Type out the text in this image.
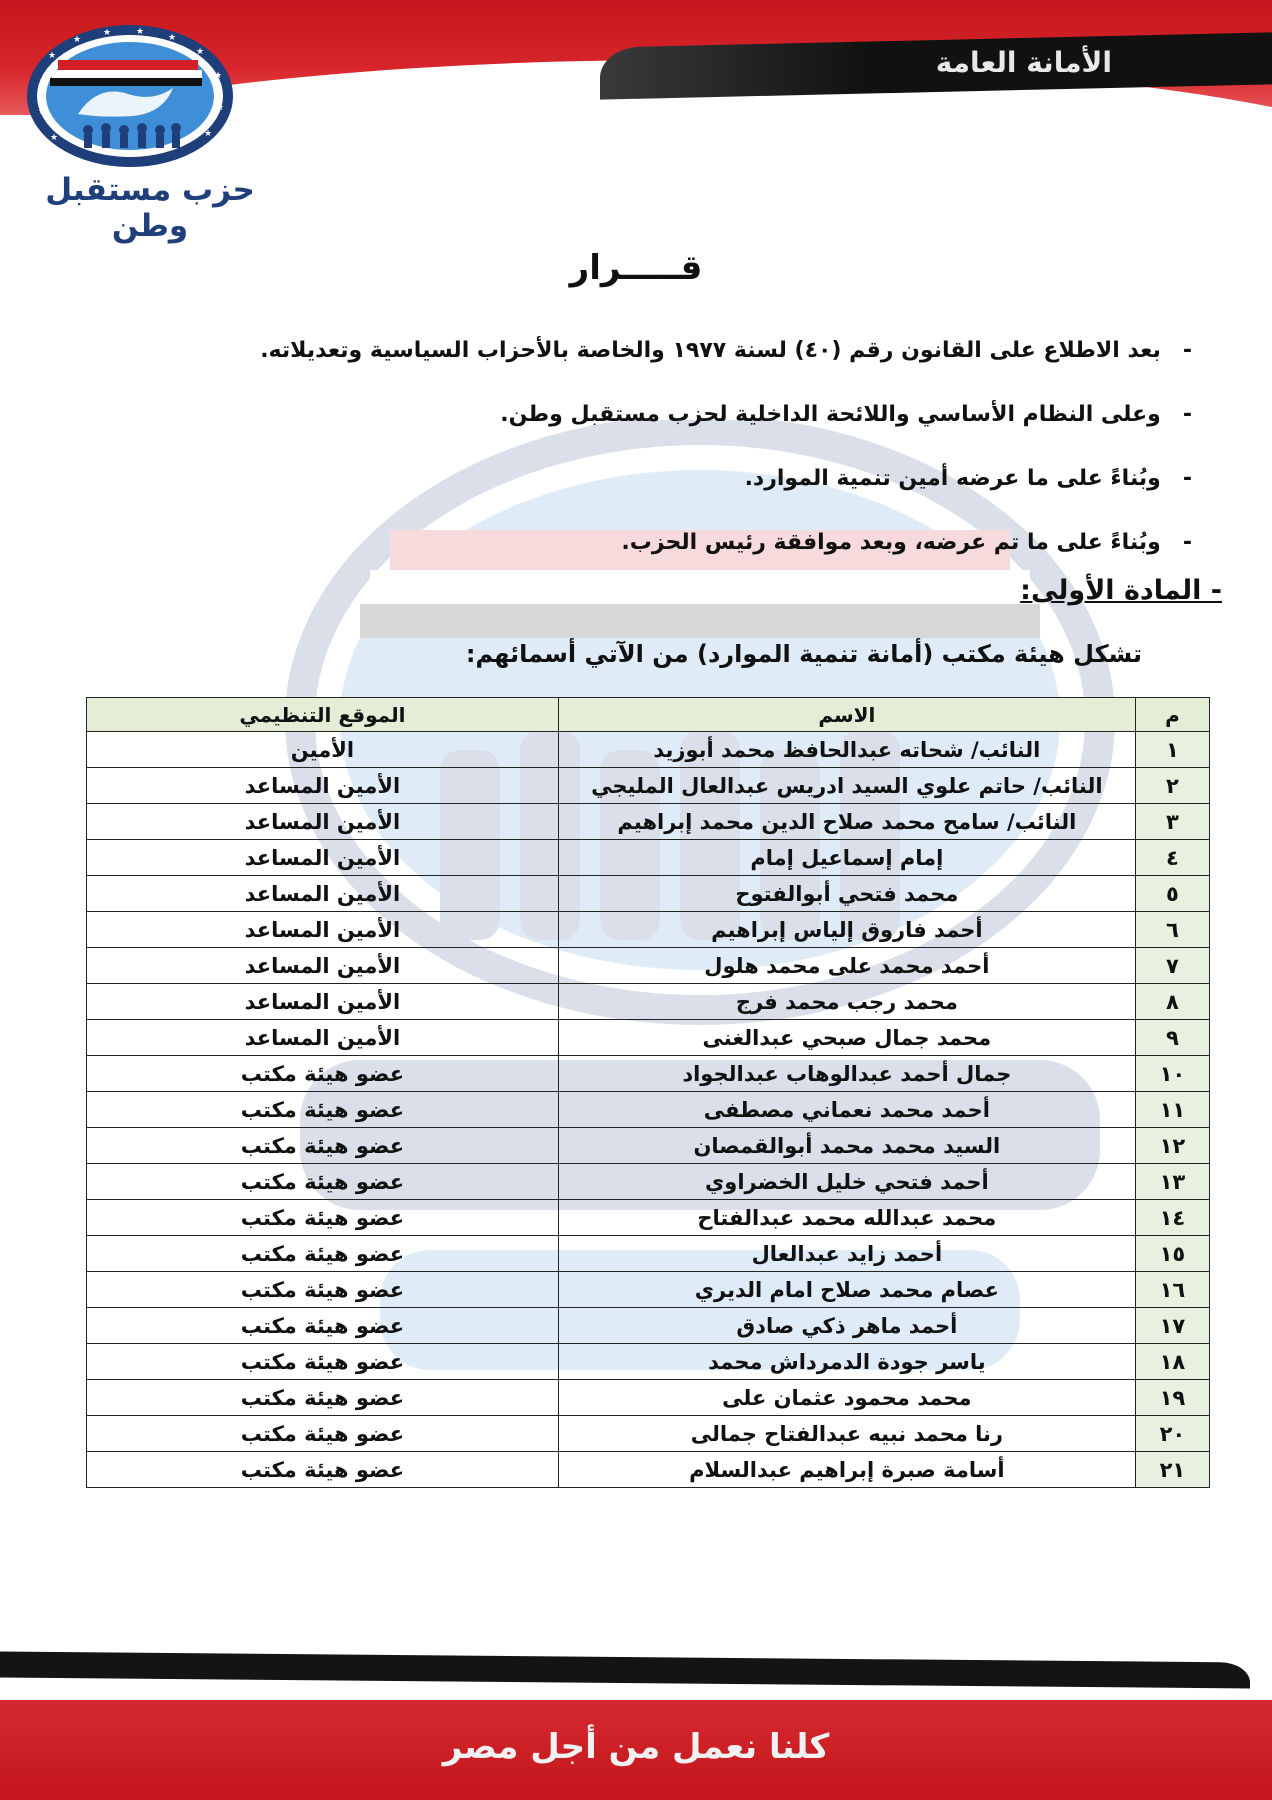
الأمانة العامة
★
★
★	★
★
★
★
★
★	★
★
★
حزب مستقبل وطن
قـــــرار
-
بعد الاطلاع على القانون رقم (٤٠) لسنة ١٩٧٧ والخاصة بالأحزاب السياسية وتعديلاته.
-
وعلى النظام الأساسي واللائحة الداخلية لحزب مستقبل وطن.
-
وبُناءً على ما عرضه أمين تنمية الموارد.
-
وبُناءً على ما تم عرضه، وبعد موافقة رئيس الحزب.
- المادة الأولى:
تشكل هيئة مكتب (أمانة تنمية الموارد) من الآتي أسمائهم:
م	الاسم	الموقع التنظيمي
١	النائب/ شحاته عبدالحافظ محمد أبوزيد	الأمين
٢	النائب/ حاتم علوي السيد ادريس عبدالعال المليجي	الأمين المساعد
٣	النائب/ سامح محمد صلاح الدين محمد إبراهيم	الأمين المساعد
٤	إمام إسماعيل إمام	الأمين المساعد
٥	محمد فتحي أبوالفتوح	الأمين المساعد
٦	أحمد فاروق إلياس إبراهيم	الأمين المساعد
٧	أحمد محمد على محمد هلول	الأمين المساعد
٨	محمد رجب محمد فرج	الأمين المساعد
٩	محمد جمال صبحي عبدالغنى	الأمين المساعد
١٠	جمال أحمد عبدالوهاب عبدالجواد	عضو هيئة مكتب
١١	أحمد محمد نعماني مصطفى	عضو هيئة مكتب
١٢	السيد محمد محمد أبوالقمصان	عضو هيئة مكتب
١٣	أحمد فتحي خليل الخضراوي	عضو هيئة مكتب
١٤	محمد عبدالله محمد عبدالفتاح	عضو هيئة مكتب
١٥	أحمد زايد عبدالعال	عضو هيئة مكتب
١٦	عصام محمد صلاح امام الديري	عضو هيئة مكتب
١٧	أحمد ماهر ذكي صادق	عضو هيئة مكتب
١٨	ياسر جودة الدمرداش محمد	عضو هيئة مكتب
١٩	محمد محمود عثمان على	عضو هيئة مكتب
٢٠	رنا محمد نبيه عبدالفتاح جمالى	عضو هيئة مكتب
٢١	أسامة صبرة إبراهيم عبدالسلام	عضو هيئة مكتب
كلنا نعمل من أجل مصر
